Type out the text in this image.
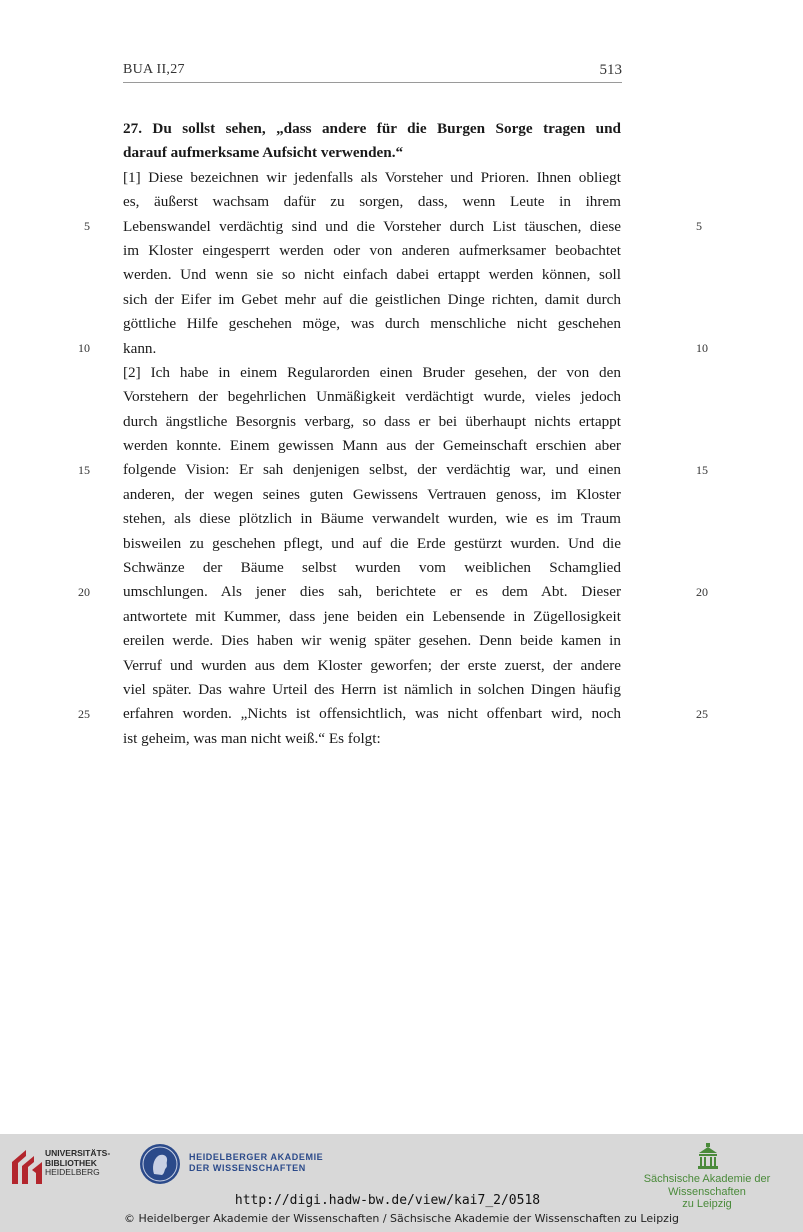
BUA II,27	513
27. Du sollst sehen, „dass andere für die Burgen Sorge tragen und
darauf aufmerksame Aufsicht verwenden.“
[1] Diese bezeichnen wir jedenfalls als Vorsteher und Prioren. Ihnen obliegt
es, äußerst wachsam dafür zu sorgen, dass, wenn Leute in ihrem
Lebenswandel verdächtig sind und die Vorsteher durch List täuschen, diese
im Kloster eingesperrt werden oder von anderen aufmerksamer beobachtet
werden. Und wenn sie so nicht einfach dabei ertappt werden können, soll
sich der Eifer im Gebet mehr auf die geistlichen Dinge richten, damit durch
göttliche Hilfe geschehen möge, was durch menschliche nicht geschehen
kann.
[2] Ich habe in einem Regularorden einen Bruder gesehen, der von den
Vorstehern der begehrlichen Unmäßigkeit verdächtigt wurde, vieles jedoch
durch ängstliche Besorgnis verbarg, so dass er bei überhaupt nichts ertappt
werden konnte. Einem gewissen Mann aus der Gemeinschaft erschien aber
folgende Vision: Er sah denjenigen selbst, der verdächtig war, und einen
anderen, der wegen seines guten Gewissens Vertrauen genoss, im Kloster
stehen, als diese plötzlich in Bäume verwandelt wurden, wie es im Traum
bisweilen zu geschehen pflegt, und auf die Erde gestürzt wurden. Und die
Schwänze der Bäume selbst wurden vom weiblichen Schamglied
umschlungen. Als jener dies sah, berichtete er es dem Abt. Dieser
antwortete mit Kummer, dass jene beiden ein Lebensende in Zügellosigkeit
ereilen werde. Dies haben wir wenig später gesehen. Denn beide kamen in
Verruf und wurden aus dem Kloster geworfen; der erste zuerst, der andere
viel später. Das wahre Urteil des Herrn ist nämlich in solchen Dingen häufig
erfahren worden. „Nichts ist offensichtlich, was nicht offenbart wird, noch
ist geheim, was man nicht weiß.“ Es folgt:
5
10
15
20
25
5
10
15
20
25
UNIVERSITÄTS-
BIBLIOTHEK
HEIDELBERG
HEIDELBERGER AKADEMIE
DER WISSENSCHAFTEN
Sächsische Akademie der Wissenschaften
zu Leipzig
http://digi.hadw-bw.de/view/kai7_2/0518
© Heidelberger Akademie der Wissenschaften / Sächsische Akademie der Wissenschaften zu Leipzig
